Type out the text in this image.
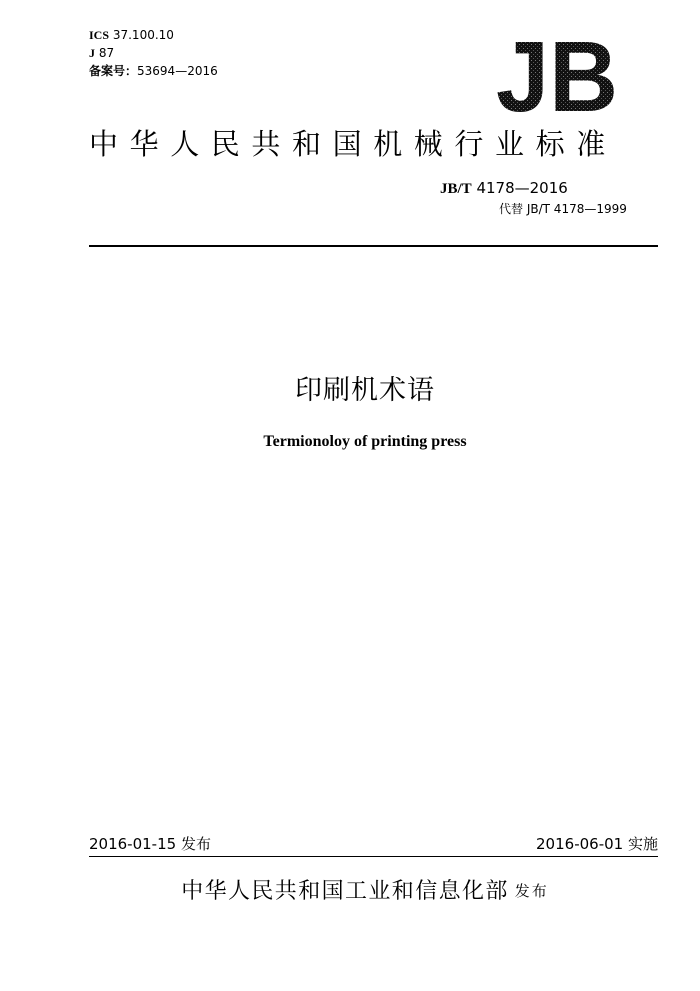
ICS 37.100.10
J 87
备案号：53694—2016	JB
中华人民共和国机械行业标准
JB/T 4178—2016
代替 JB/T 4178—1999
印刷机术语
Termionoloy of printing press
2016-01-15 发布	2016-06-01 实施
中华人民共和国工业和信息化部 发布
